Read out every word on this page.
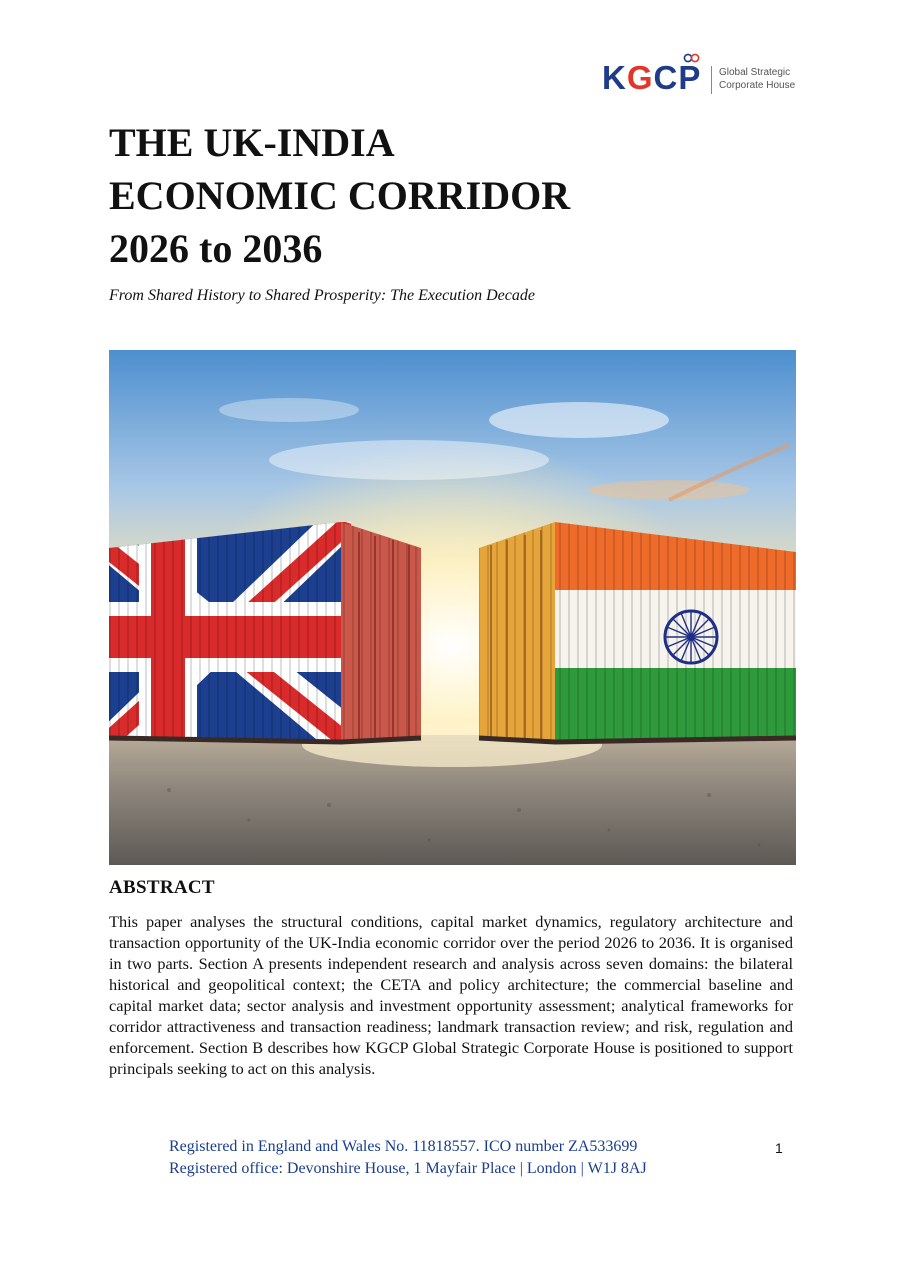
KGCP Global Strategic
Corporate House
THE UK-INDIA
ECONOMIC CORRIDOR
2026 to 2036

From Shared History to Shared Prosperity: The Execution Decade

ABSTRACT

This paper analyses the structural conditions, capital market dynamics, regulatory architecture and transaction opportunity of the UK-India economic corridor over the period 2026 to 2036. It is organised in two parts. Section A presents independent research and analysis across seven domains: the bilateral historical and geopolitical context; the CETA and policy architecture; the commercial baseline and capital market data; sector analysis and investment opportunity assessment; analytical frameworks for corridor attractiveness and transaction readiness; landmark transaction review; and risk, regulation and enforcement. Section B describes how KGCP Global Strategic Corporate House is positioned to support principals seeking to act on this analysis.

Registered in England and Wales No. 11818557. ICO number ZA533699
Registered office: Devonshire House, 1 Mayfair Place | London | W1J 8AJ
1
